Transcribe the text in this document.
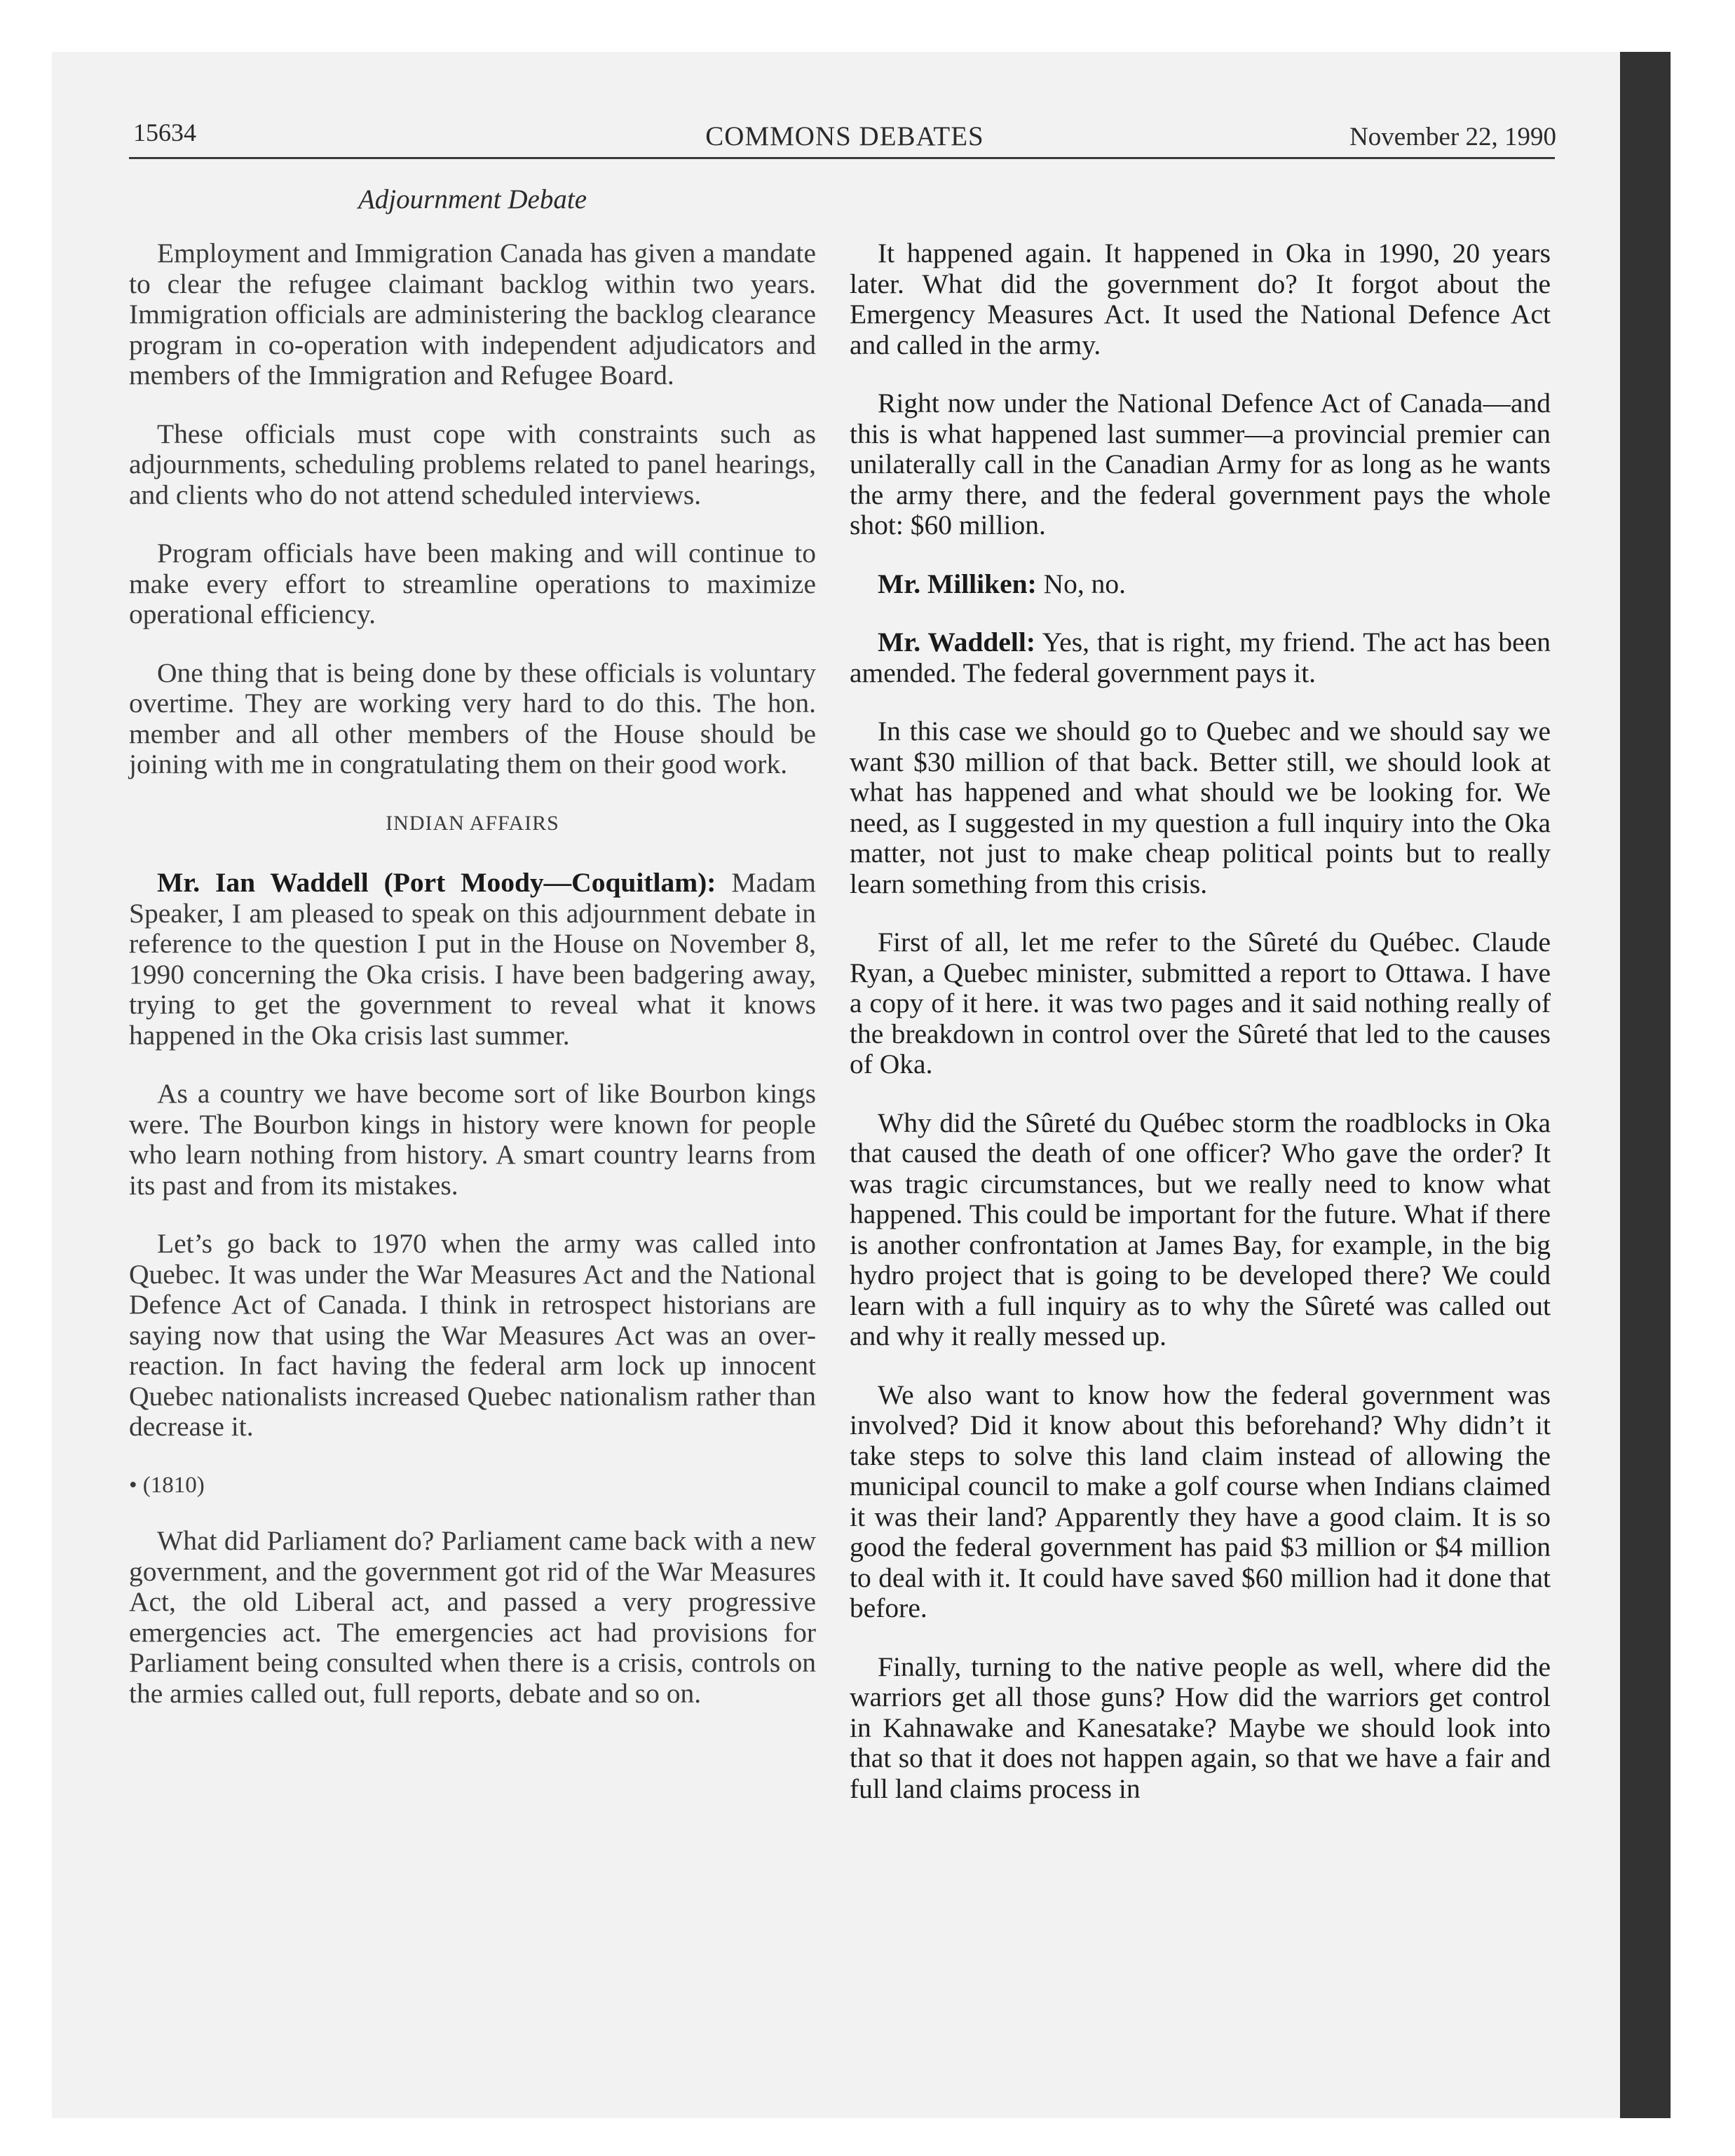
15634	COMMONS DEBATES	November 22, 1990
Adjournment Debate

Employment and Immigration Canada has given a mandate to clear the refugee claimant backlog within two years. Immigration officials are administering the backlog clearance program in co-operation with independent adjudicators and members of the Immigration and Refugee Board.

These officials must cope with constraints such as adjournments, scheduling problems related to panel hearings, and clients who do not attend scheduled interviews.

Program officials have been making and will continue to make every effort to streamline operations to maximize operational efficiency.

One thing that is being done by these officials is voluntary overtime. They are working very hard to do this. The hon. member and all other members of the House should be joining with me in congratulating them on their good work.

INDIAN AFFAIRS

Mr. Ian Waddell (Port Moody—Coquitlam): Madam Speaker, I am pleased to speak on this adjournment debate in reference to the question I put in the House on November 8, 1990 concerning the Oka crisis. I have been badgering away, trying to get the government to reveal what it knows happened in the Oka crisis last summer.

As a country we have become sort of like Bourbon kings were. The Bourbon kings in history were known for people who learn nothing from history. A smart country learns from its past and from its mistakes.

Let’s go back to 1970 when the army was called into Quebec. It was under the War Measures Act and the National Defence Act of Canada. I think in retrospect historians are saying now that using the War Measures Act was an over-reaction. In fact having the federal arm lock up innocent Quebec nationalists increased Quebec nationalism rather than decrease it.

• (1810)

What did Parliament do? Parliament came back with a new government, and the government got rid of the War Measures Act, the old Liberal act, and passed a very progressive emergencies act. The emergencies act had provisions for Parliament being consulted when there is a crisis, controls on the armies called out, full reports, debate and so on.

It happened again. It happened in Oka in 1990, 20 years later. What did the government do? It forgot about the Emergency Measures Act. It used the National Defence Act and called in the army.

Right now under the National Defence Act of Canada—and this is what happened last summer—a provincial premier can unilaterally call in the Canadian Army for as long as he wants the army there, and the federal government pays the whole shot: $60 million.

Mr. Milliken: No, no.

Mr. Waddell: Yes, that is right, my friend. The act has been amended. The federal government pays it.

In this case we should go to Quebec and we should say we want $30 million of that back. Better still, we should look at what has happened and what should we be looking for. We need, as I suggested in my question a full inquiry into the Oka matter, not just to make cheap political points but to really learn something from this crisis.

First of all, let me refer to the Sûreté du Québec. Claude Ryan, a Quebec minister, submitted a report to Ottawa. I have a copy of it here. it was two pages and it said nothing really of the breakdown in control over the Sûreté that led to the causes of Oka.

Why did the Sûreté du Québec storm the roadblocks in Oka that caused the death of one officer? Who gave the order? It was tragic circumstances, but we really need to know what happened. This could be important for the future. What if there is another confrontation at James Bay, for example, in the big hydro project that is going to be developed there? We could learn with a full inquiry as to why the Sûreté was called out and why it really messed up.

We also want to know how the federal government was involved? Did it know about this beforehand? Why didn’t it take steps to solve this land claim instead of allowing the municipal council to make a golf course when Indians claimed it was their land? Apparently they have a good claim. It is so good the federal government has paid $3 million or $4 million to deal with it. It could have saved $60 million had it done that before.

Finally, turning to the native people as well, where did the warriors get all those guns? How did the warriors get control in Kahnawake and Kanesatake? Maybe we should look into that so that it does not happen again, so that we have a fair and full land claims process in
